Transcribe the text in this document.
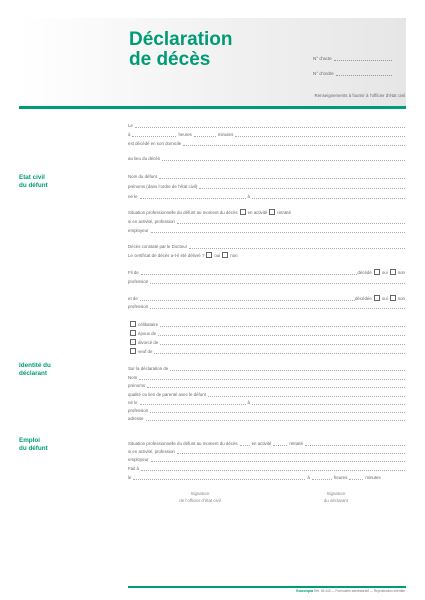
Déclaration
de décès	N° d’acte
N° d’ordre
Renseignements à fournir à l’officier d’état civil
Etat civil
du défunt
Identité du
déclarant
Emploi
du défunt
Le
à	heures	minutes
est décédé en son domicile
au lieu du décès
Nom du défunt
prénoms (dans l’ordre de l’état civil)
né le	à
Situation professionnelle du défunt au moment du décès en activité retraité
si en activité, profession
employeur
Décès constaté par le Docteur
Le certificat de décès a-t-il été délivré ? oui non
Fil de	décédé oui non
profession
et de	décédée oui non
profession
célibataire
époux de
divorcé de
veuf de
Sur la déclaration de
Nom
prénoms
qualité ou lien de parenté avec le défunt
né le	à
profession
adresse
Situation professionnelle du défunt au moment du décès	en activité	retraité
si en activité, profession
employeur
Fait à
le	à	heures	minutes
Signature
de l’officier d’état civil
Signature
du déclarant
Exacompta Réf. 56 440 — Formulaire administratif — Reproduction interdite
